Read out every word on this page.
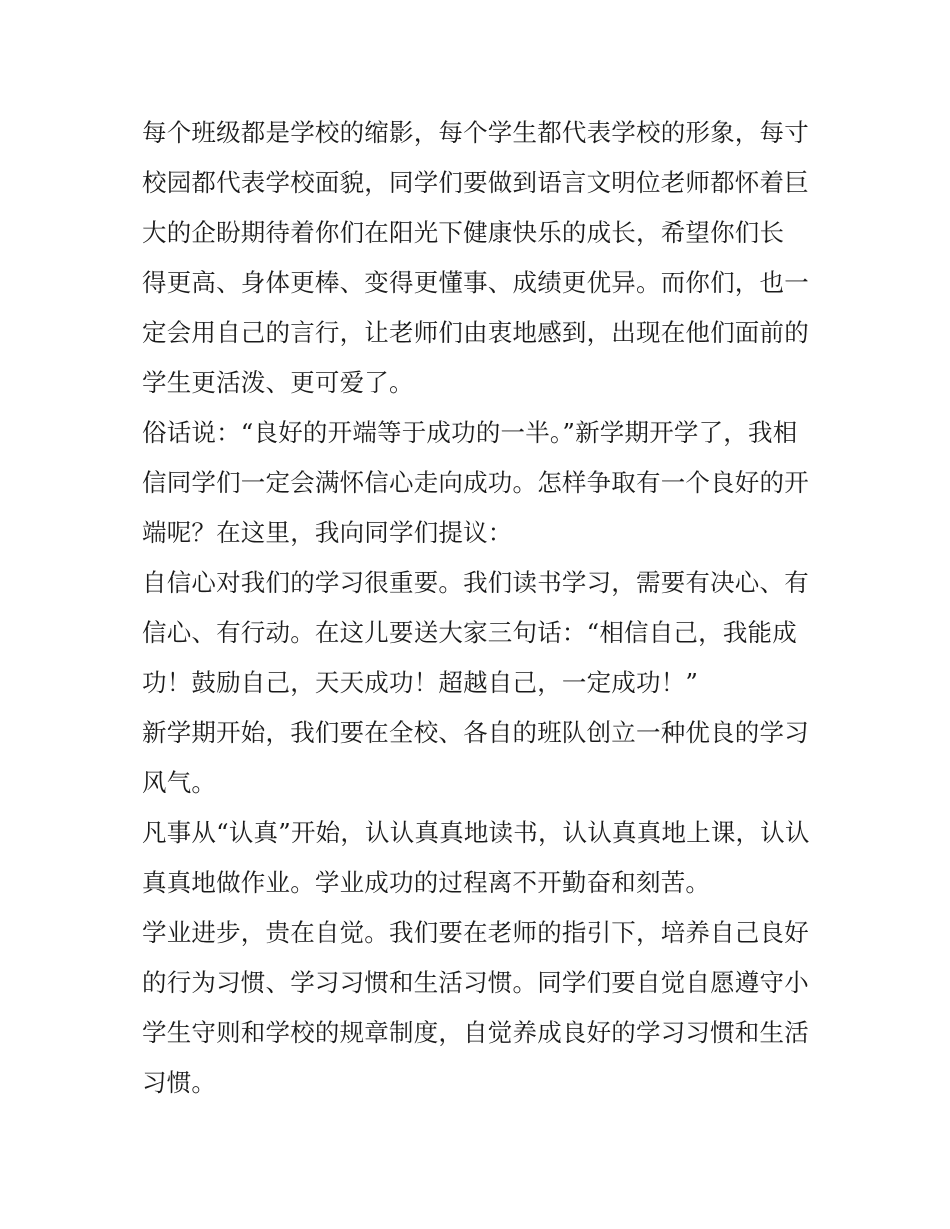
每个班级都是学校的缩影，每个学生都代表学校的形象，每寸
校园都代表学校面貌，同学们要做到语言文明位老师都怀着巨
大的企盼期待着你们在阳光下健康快乐的成长，希望你们长
得更高、身体更棒、变得更懂事、成绩更优异。而你们，也一
定会用自己的言行，让老师们由衷地感到，出现在他们面前的
学生更活泼、更可爱了。
俗话说：“良好的开端等于成功的一半。”新学期开学了，我相
信同学们一定会满怀信心走向成功。怎样争取有一个良好的开
端呢？在这里，我向同学们提议：
自信心对我们的学习很重要。我们读书学习，需要有决心、有
信心、有行动。在这儿要送大家三句话：“相信自己，我能成
功！鼓励自己，天天成功！超越自己，一定成功！”
新学期开始，我们要在全校、各自的班队创立一种优良的学习
风气。
凡事从“认真”开始，认认真真地读书，认认真真地上课，认认
真真地做作业。学业成功的过程离不开勤奋和刻苦。
学业进步，贵在自觉。我们要在老师的指引下，培养自己良好
的行为习惯、学习习惯和生活习惯。同学们要自觉自愿遵守小
学生守则和学校的规章制度，自觉养成良好的学习习惯和生活
习惯。
